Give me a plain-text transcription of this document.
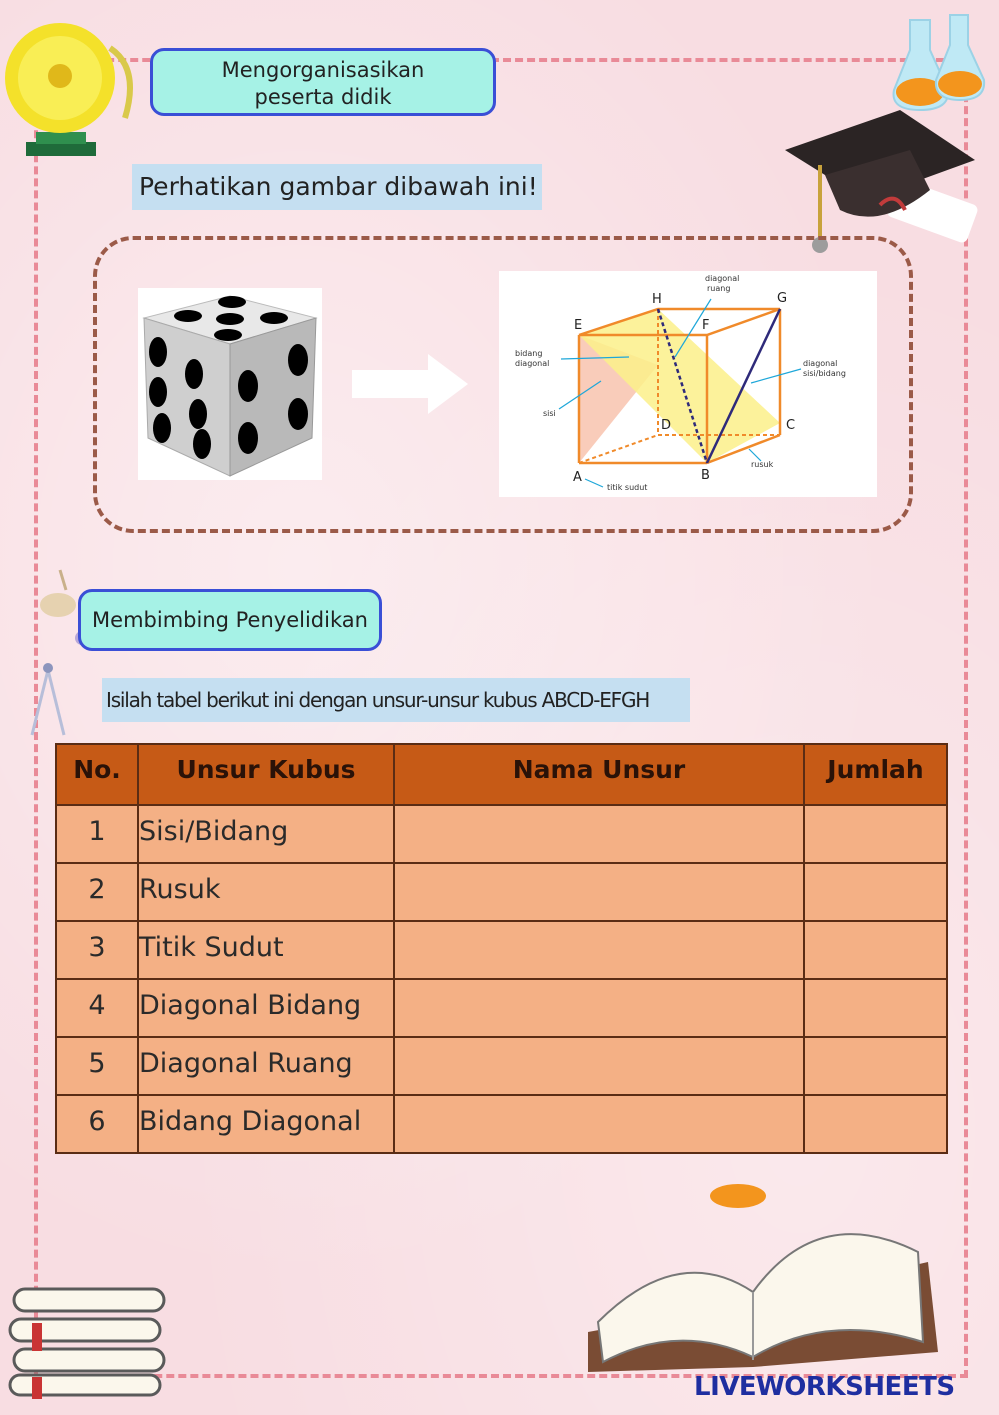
Mengorganisasikan
peserta didik
Perhatikan gambar dibawah ini!
A	B
C
D
E	F
G
H
diagonal
ruang
bidang
diagonal	diagonal
sisi/bidang
sisi
rusuk
titik sudut
Membimbing Penyelidikan
Isilah tabel berikut ini dengan unsur-unsur kubus ABCD-EFGH
No.	Unsur Kubus	Nama Unsur	Jumlah
1	Sisi/Bidang		
2	Rusuk		
3	Titik Sudut		
4	Diagonal Bidang		
5	Diagonal Ruang		
6	Bidang Diagonal		
LIVEWORKSHEETS
